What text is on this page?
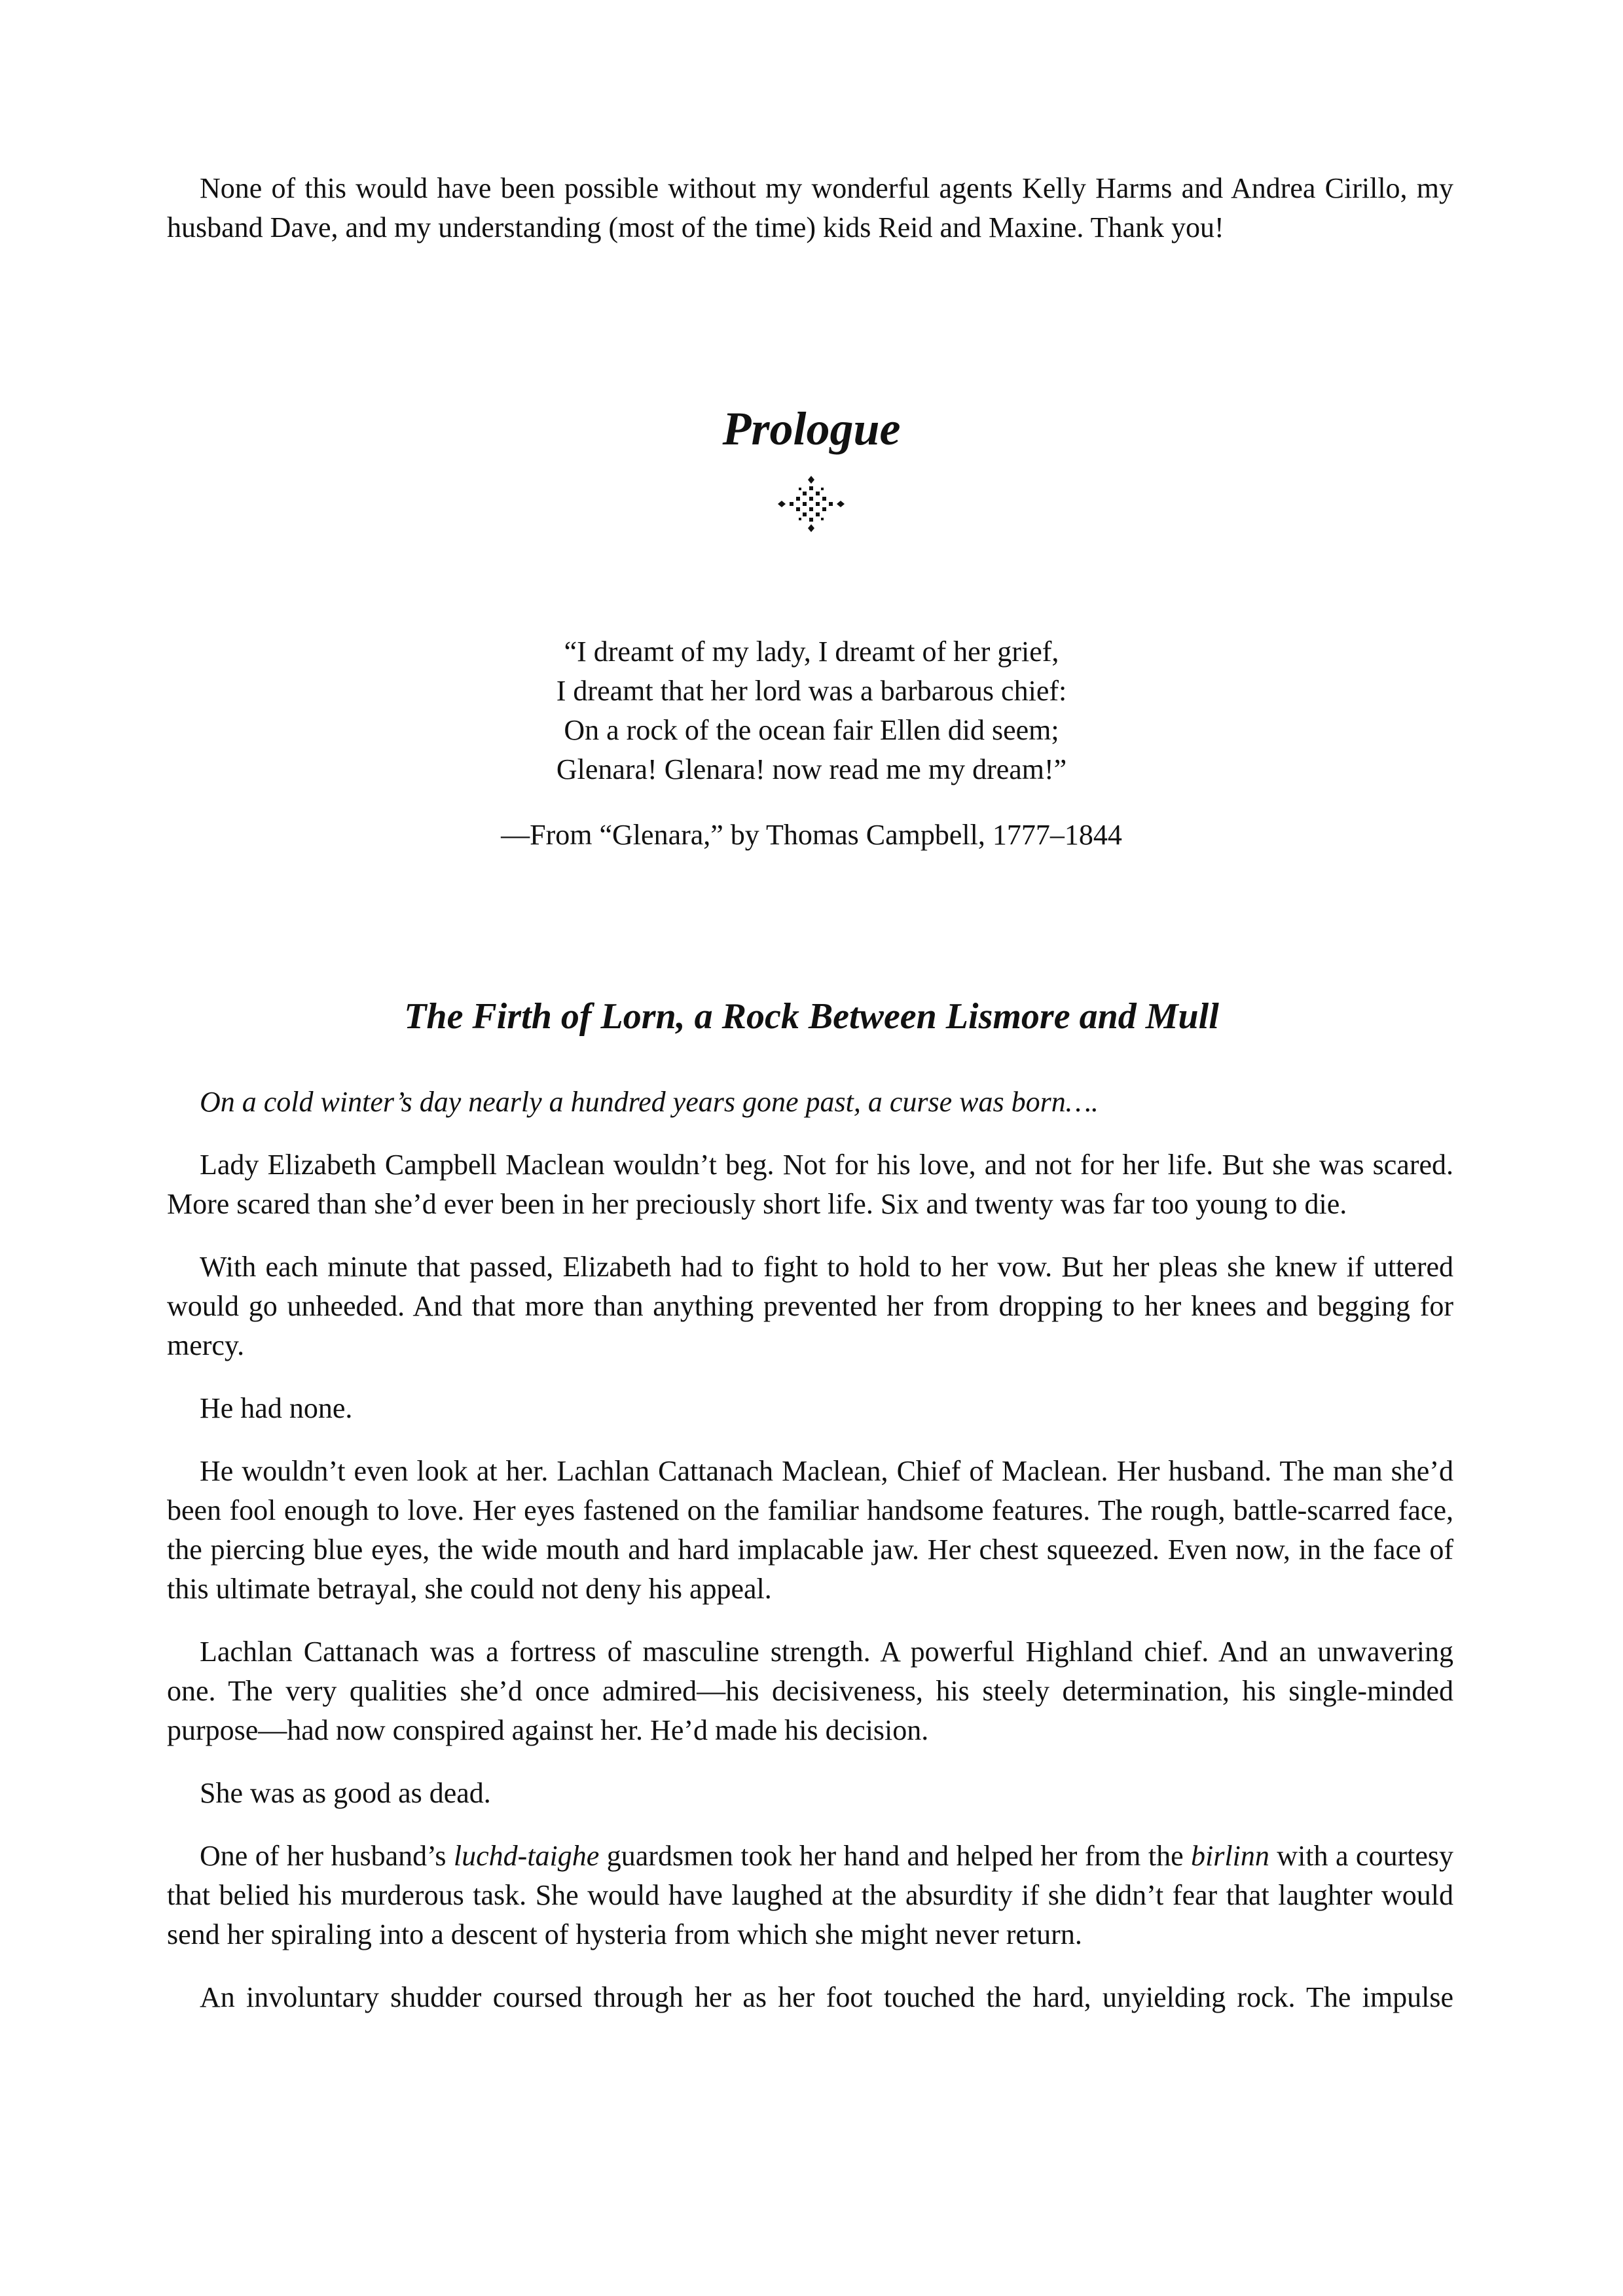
None of this would have been possible without my wonderful agents Kelly Harms and Andrea Cirillo, my husband Dave, and my understanding (most of the time) kids Reid and Maxine. Thank you!

Prologue
“I dreamt of my lady, I dreamt of her grief,
I dreamt that her lord was a barbarous chief:
On a rock of the ocean fair Ellen did seem;
Glenara! Glenara! now read me my dream!”

—From “Glenara,” by Thomas Campbell, 1777–1844

The Firth of Lorn, a Rock Between Lismore and Mull

On a cold winter’s day nearly a hundred years gone past, a curse was born….

Lady Elizabeth Campbell Maclean wouldn’t beg. Not for his love, and not for her life. But she was scared. More scared than she’d ever been in her preciously short life. Six and twenty was far too young to die.

With each minute that passed, Elizabeth had to fight to hold to her vow. But her pleas she knew if uttered would go unheeded. And that more than anything prevented her from dropping to her knees and begging for mercy.

He had none.

He wouldn’t even look at her. Lachlan Cattanach Maclean, Chief of Maclean. Her husband. The man she’d been fool enough to love. Her eyes fastened on the familiar handsome features. The rough, battle-scarred face, the piercing blue eyes, the wide mouth and hard implacable jaw. Her chest squeezed. Even now, in the face of this ultimate betrayal, she could not deny his appeal.

Lachlan Cattanach was a fortress of masculine strength. A powerful Highland chief. And an unwavering one. The very qualities she’d once admired—his decisiveness, his steely determination, his single-minded purpose—had now conspired against her. He’d made his decision.

She was as good as dead.

One of her husband’s luchd-taighe guardsmen took her hand and helped her from the birlinn with a courtesy that belied his murderous task. She would have laughed at the absurdity if she didn’t fear that laughter would send her spiraling into a descent of hysteria from which she might never return.

An involuntary shudder coursed through her as her foot touched the hard, unyielding rock. The impulse
